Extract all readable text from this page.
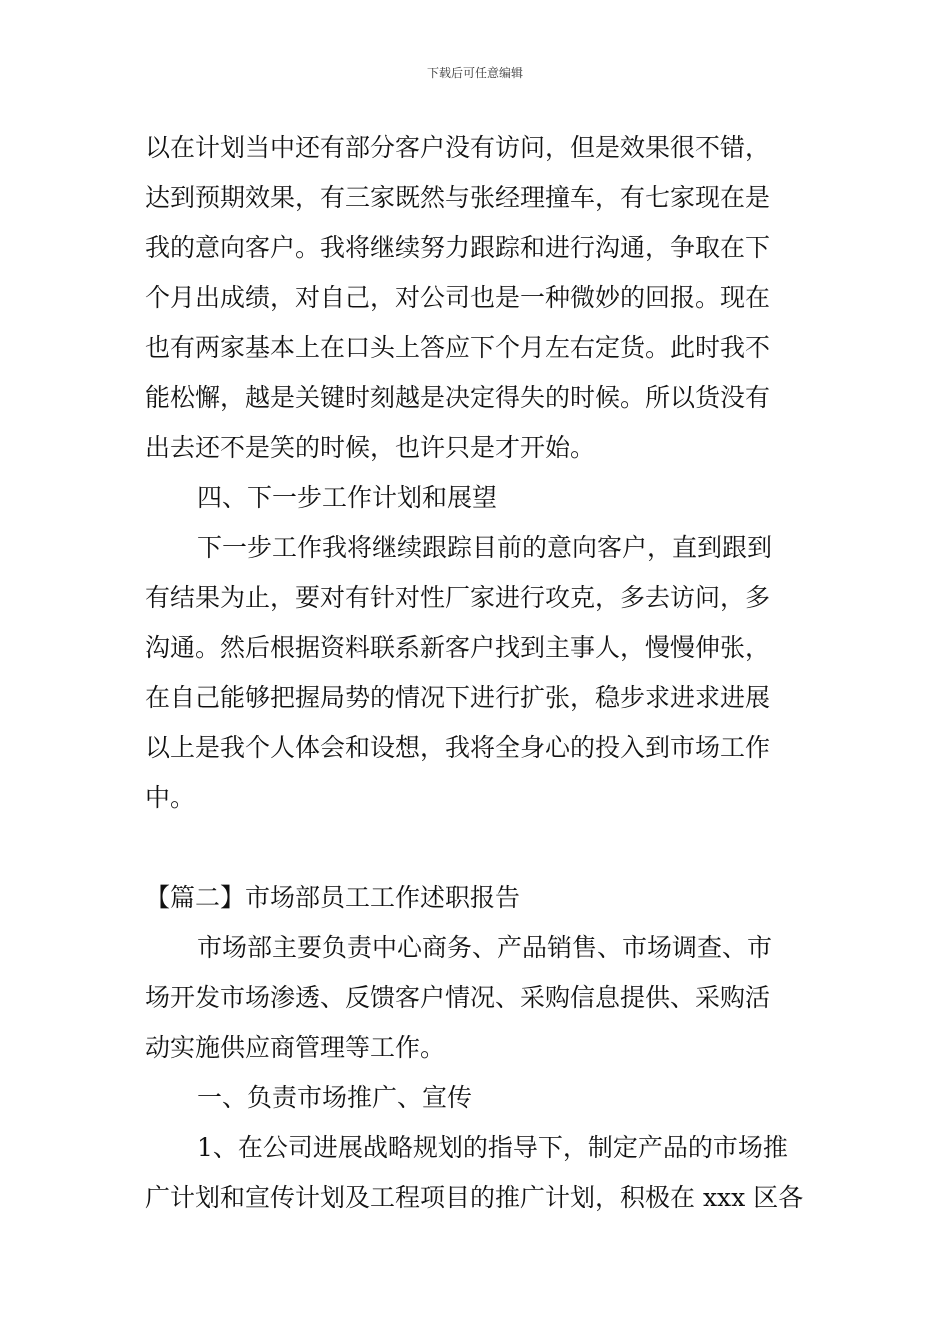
下载后可任意编辑
以在计划当中还有部分客户没有访问，但是效果很不错，
达到预期效果，有三家既然与张经理撞车，有七家现在是
我的意向客户。我将继续努力跟踪和进行沟通，争取在下
个月出成绩，对自己，对公司也是一种微妙的回报。现在
也有两家基本上在口头上答应下个月左右定货。此时我不
能松懈，越是关键时刻越是决定得失的时候。所以货没有
出去还不是笑的时候，也许只是才开始。
四、下一步工作计划和展望
下一步工作我将继续跟踪目前的意向客户，直到跟到
有结果为止，要对有针对性厂家进行攻克，多去访问，多
沟通。然后根据资料联系新客户找到主事人，慢慢伸张，
在自己能够把握局势的情况下进行扩张，稳步求进求进展
以上是我个人体会和设想，我将全身心的投入到市场工作
中。
【篇二】市场部员工工作述职报告
市场部主要负责中心商务、产品销售、市场调查、市
场开发市场渗透、反馈客户情况、采购信息提供、采购活
动实施供应商管理等工作。
一、负责市场推广、宣传
1、在公司进展战略规划的指导下，制定产品的市场推
广计划和宣传计划及工程项目的推广计划，积极在 xxx 区各
